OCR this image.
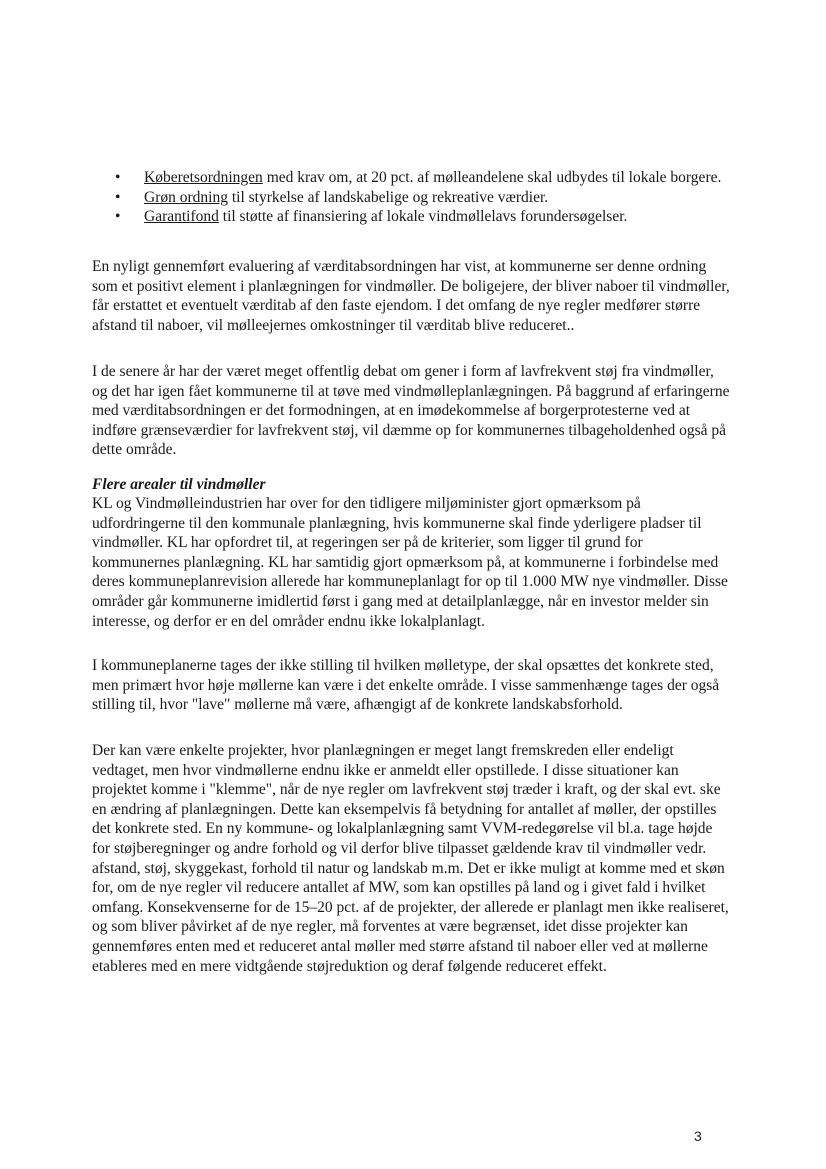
• Køberetsordningen med krav om, at 20 pct. af mølleandelene skal udbydes til lokale borgere.
• Grøn ordning til styrkelse af landskabelige og rekreative værdier.
• Garantifond til støtte af finansiering af lokale vindmøllelavs forundersøgelser.

En nyligt gennemført evaluering af værditabsordningen har vist, at kommunerne ser denne ordning som et positivt element i planlægningen for vindmøller. De boligejere, der bliver naboer til vindmøller, får erstattet et eventuelt værditab af den faste ejendom. I det omfang de nye regler medfører større afstand til naboer, vil mølleejernes omkostninger til værditab blive reduceret..

I de senere år har der været meget offentlig debat om gener i form af lavfrekvent støj fra vindmøller, og det har igen fået kommunerne til at tøve med vindmølleplanlægningen. På baggrund af erfaringerne med værditabsordningen er det formodningen, at en imødekommelse af borgerprotesterne ved at indføre grænseværdier for lavfrekvent støj, vil dæmme op for kommunernes tilbageholdenhed også på dette område.

Flere arealer til vindmøller

KL og Vindmølleindustrien har over for den tidligere miljøminister gjort opmærksom på udfordringerne til den kommunale planlægning, hvis kommunerne skal finde yderligere pladser til vindmøller. KL har opfordret til, at regeringen ser på de kriterier, som ligger til grund for kommunernes planlægning. KL har samtidig gjort opmærksom på, at kommunerne i forbindelse med deres kommuneplanrevision allerede har kommuneplanlagt for op til 1.000 MW nye vindmøller. Disse områder går kommunerne imidlertid først i gang med at detailplanlægge, når en investor melder sin interesse, og derfor er en del områder endnu ikke lokalplanlagt.

I kommuneplanerne tages der ikke stilling til hvilken mølletype, der skal opsættes det konkrete sted, men primært hvor høje møllerne kan være i det enkelte område. I visse sammenhænge tages der også stilling til, hvor "lave" møllerne må være, afhængigt af de konkrete landskabsforhold.

Der kan være enkelte projekter, hvor planlægningen er meget langt fremskreden eller endeligt vedtaget, men hvor vindmøllerne endnu ikke er anmeldt eller opstillede. I disse situationer kan projektet komme i "klemme", når de nye regler om lavfrekvent støj træder i kraft, og der skal evt. ske en ændring af planlægningen. Dette kan eksempelvis få betydning for antallet af møller, der opstilles det konkrete sted. En ny kommune- og lokalplanlægning samt VVM-redegørelse vil bl.a. tage højde for støjberegninger og andre forhold og vil derfor blive tilpasset gældende krav til vindmøller vedr. afstand, støj, skyggekast, forhold til natur og landskab m.m. Det er ikke muligt at komme med et skøn for, om de nye regler vil reducere antallet af MW, som kan opstilles på land og i givet fald i hvilket omfang. Konsekvenserne for de 15–20 pct. af de projekter, der allerede er planlagt men ikke realiseret, og som bliver påvirket af de nye regler, må forventes at være begrænset, idet disse projekter kan gennemføres enten med et reduceret antal møller med større afstand til naboer eller ved at møllerne etableres med en mere vidtgående støjreduktion og deraf følgende reduceret effekt.

3
